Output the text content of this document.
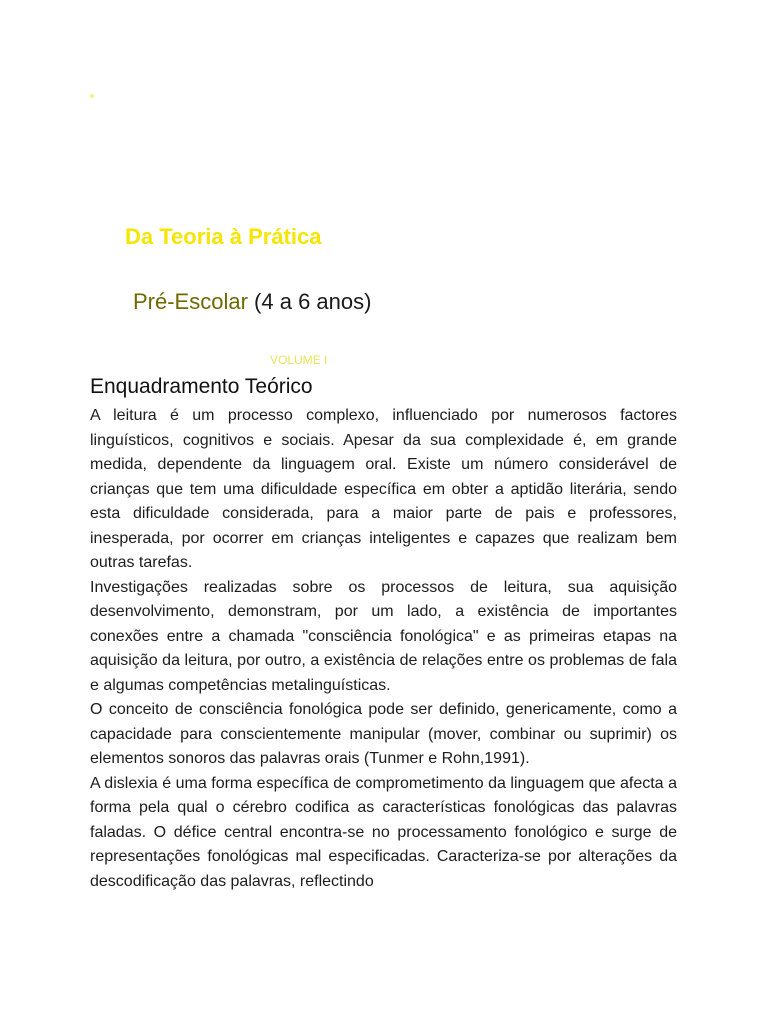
Da Teoria à Prática
Pré-Escolar (4 a 6 anos)
VOLUME I
Enquadramento Teórico

A leitura é um processo complexo, influenciado por numerosos factores linguísticos, cognitivos e sociais. Apesar da sua complexidade é, em grande medida, dependente da linguagem oral. Existe um número considerável de crianças que tem uma dificuldade específica em obter a aptidão literária, sendo esta dificuldade considerada, para a maior parte de pais e professores, inesperada, por ocorrer em crianças inteligentes e capazes que realizam bem outras tarefas.

Investigações realizadas sobre os processos de leitura, sua aquisição desenvolvimento, demonstram, por um lado, a existência de importantes conexões entre a chamada "consciência fonológica" e as primeiras etapas na aquisição da leitura, por outro, a existência de relações entre os problemas de fala e algumas competências metalinguísticas.

O conceito de consciência fonológica pode ser definido, genericamente, como a capacidade para conscientemente manipular (mover, combinar ou suprimir) os elementos sonoros das palavras orais (Tunmer e Rohn,1991).

A dislexia é uma forma específica de comprometimento da linguagem que afecta a forma pela qual o cérebro codifica as características fonológicas das palavras faladas. O défice central encontra-se no processamento fonológico e surge de representações fonológicas mal especificadas. Caracteriza-se por alterações da descodificação das palavras, reflectindo
